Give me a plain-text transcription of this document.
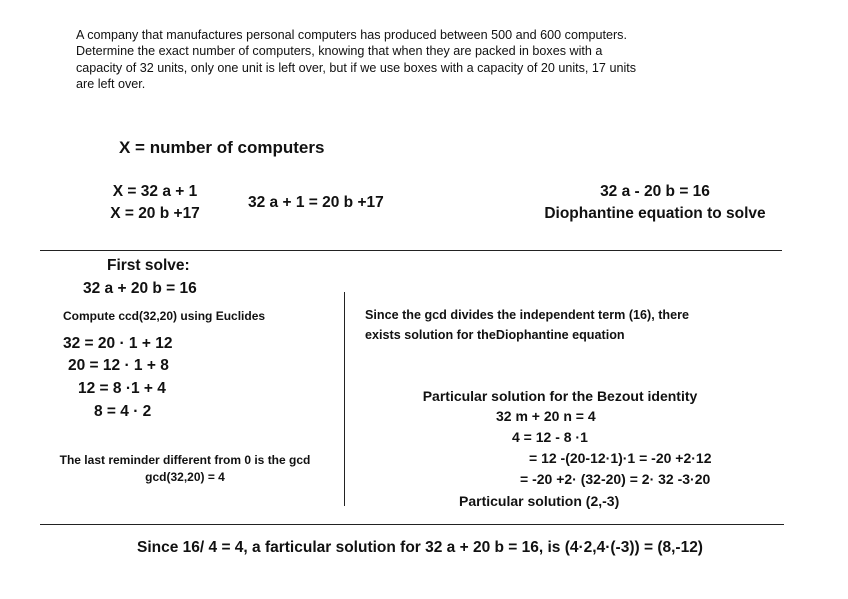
A company that manufactures personal computers has produced between 500 and 600 computers.
Determine the exact number of computers, knowing that when they are packed in boxes with a
capacity of 32 units, only one unit is left over, but if we use boxes with a capacity of 20 units, 17 units
are left over.
X = number of computers
X = 32 a + 1
X = 20 b +17
32 a + 1 = 20 b +17
32 a - 20 b = 16
Diophantine equation to solve
First solve:
32 a + 20 b = 16
Compute ccd(32,20) using Euclides
32 = 20 · 1 + 12
20 = 12 · 1 + 8
12 = 8 ·1 + 4
8 = 4 · 2
The last reminder different from 0 is the gcd
gcd(32,20) = 4
Since the gcd divides the independent term (16), there
exists solution for theDiophantine equation
Particular solution for the Bezout identity
32 m + 20 n = 4
4 = 12 - 8 ·1
= 12 -(20-12·1)·1 = -20 +2·12
= -20 +2· (32-20) = 2· 32 -3·20
Particular solution (2,-3)
Since 16/ 4 = 4, a farticular solution for 32 a + 20 b = 16, is (4·2,4·(-3)) = (8,-12)
